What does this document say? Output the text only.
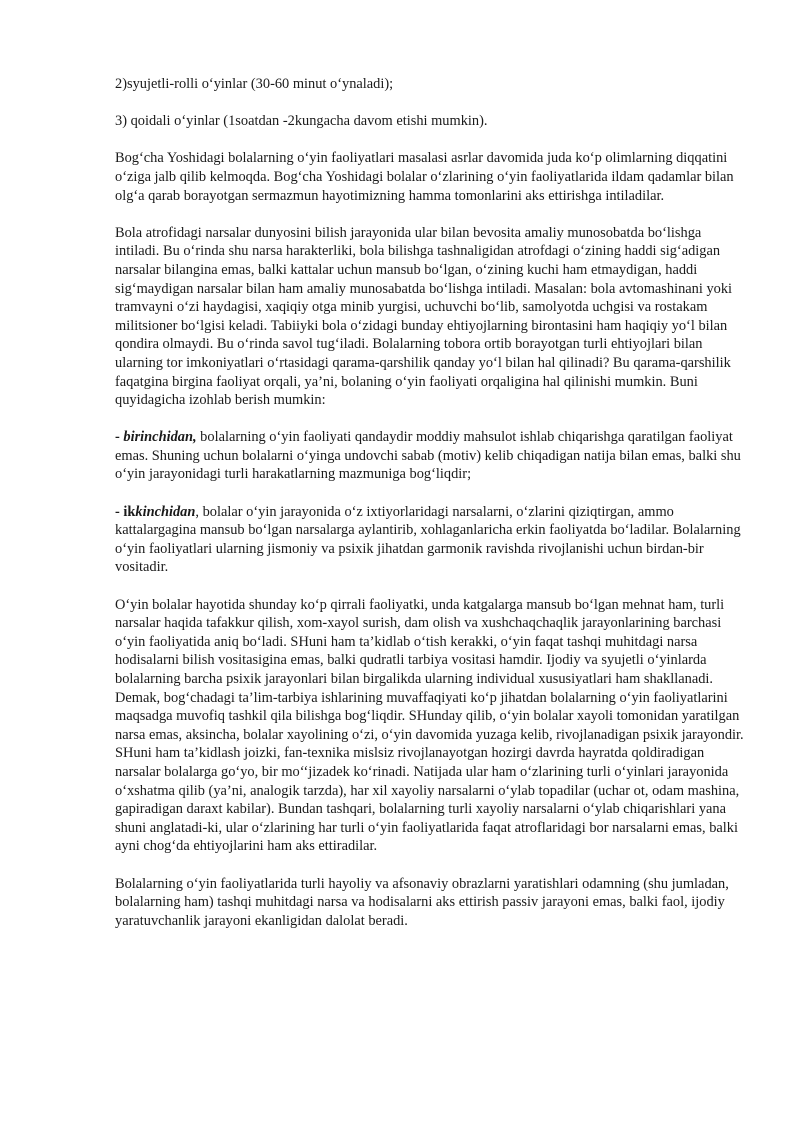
2)syujetli-rolli o‘yinlar (30-60 minut o‘ynaladi);

3) qoidali o‘yinlar (1soatdan -2kungacha davom etishi mumkin).

Bog‘cha Yoshidagi bolalarning o‘yin faoliyatlari masalasi asrlar davomida juda ko‘p olimlarning diqqatini o‘ziga jalb qilib kelmoqda. Bog‘cha Yoshidagi bolalar o‘zlarining o‘yin faoliyatlarida ildam qadamlar bilan olg‘a qarab borayotgan sermazmun hayotimizning hamma tomonlarini aks ettirishga intiladilar.

Bola atrofidagi narsalar dunyosini bilish jarayonida ular bilan bevosita amaliy munosobatda bo‘lishga intiladi. Bu o‘rinda shu narsa harakterliki, bola bilishga tashnaligidan atrofdagi o‘zining haddi sig‘adigan narsalar bilangina emas, balki kattalar uchun mansub bo‘lgan, o‘zining kuchi ham etmaydigan, haddi sig‘maydigan narsalar bilan ham amaliy munosabatda bo‘lishga intiladi. Masalan: bola avtomashinani yoki tramvayni o‘zi haydagisi, xaqiqiy otga minib yurgisi, uchuvchi bo‘lib, samolyotda uchgisi va rostakam militsioner bo‘lgisi keladi. Tabiiyki bola o‘zidagi bunday ehtiyojlarning birontasini ham haqiqiy yo‘l bilan qondira olmaydi. Bu o‘rinda savol tug‘iladi. Bolalarning tobora ortib borayotgan turli ehtiyojlari bilan ularning tor imkoniyatlari o‘rtasidagi qarama-qarshilik qanday yo‘l bilan hal qilinadi? Bu qarama-qarshilik faqatgina birgina faoliyat orqali, ya’ni, bolaning o‘yin faoliyati orqaligina hal qilinishi mumkin. Buni quyidagicha izohlab berish mumkin:

- birinchidan, bolalarning o‘yin faoliyati qandaydir moddiy mahsulot ishlab chiqarishga qaratilgan faoliyat emas. Shuning uchun bolalarni o‘yinga undovchi sabab (motiv) kelib chiqadigan natija bilan emas, balki shu o‘yin jarayonidagi turli harakatlarning mazmuniga bog‘liqdir;

- ikkinchidan, bolalar o‘yin jarayonida o‘z ixtiyorlaridagi narsalarni, o‘zlarini qiziqtirgan, ammo kattalargagina mansub bo‘lgan narsalarga aylantirib, xohlaganlaricha erkin faoliyatda bo‘ladilar. Bolalarning o‘yin faoliyatlari ularning jismoniy va psixik jihatdan garmonik ravishda rivojlanishi uchun birdan-bir vositadir.

O‘yin bolalar hayotida shunday ko‘p qirrali faoliyatki, unda katgalarga mansub bo‘lgan mehnat ham, turli narsalar haqida tafakkur qilish, xom-xayol surish, dam olish va xushchaqchaqlik jarayonlarining barchasi o‘yin faoliyatida aniq bo‘ladi. SHuni ham ta’kidlab o‘tish kerakki, o‘yin faqat tashqi muhitdagi narsa hodisalarni bilish vositasigina emas, balki qudratli tarbiya vositasi hamdir. Ijodiy va syujetli o‘yinlarda bolalarning barcha psixik jarayonlari bilan birgalikda ularning individual xususiyatlari ham shakllanadi. Demak, bog‘chadagi ta’lim-tarbiya ishlarining muvaffaqiyati ko‘p jihatdan bolalarning o‘yin faoliyatlarini maqsadga muvofiq tashkil qila bilishga bog‘liqdir. SHunday qilib, o‘yin bolalar xayoli tomonidan yaratilgan narsa emas, aksincha, bolalar xayolining o‘zi, o‘yin davomida yuzaga kelib, rivojlanadigan psixik jarayondir. SHuni ham ta’kidlash joizki, fan-texnika mislsiz rivojlanayotgan hozirgi davrda hayratda qoldiradigan narsalar bolalarga go‘yo, bir mo‘‘jizadek ko‘rinadi. Natijada ular ham o‘zlarining turli o‘yinlari jarayonida o‘xshatma qilib (ya’ni, analogik tarzda), har xil xayoliy narsalarni o‘ylab topadilar (uchar ot, odam mashina, gapiradigan daraxt kabilar). Bundan tashqari, bolalarning turli xayoliy narsalarni o‘ylab chiqarishlari yana shuni anglatadi-ki, ular o‘zlarining har turli o‘yin faoliyatlarida faqat atroflaridagi bor narsalarni emas, balki ayni chog‘da ehtiyojlarini ham aks ettiradilar.

Bolalarning o‘yin faoliyatlarida turli hayoliy va afsonaviy obrazlarni yaratishlari odamning (shu jumladan, bolalarning ham) tashqi muhitdagi narsa va hodisalarni aks ettirish passiv jarayoni emas, balki faol, ijodiy yaratuvchanlik jarayoni ekanligidan dalolat beradi.
